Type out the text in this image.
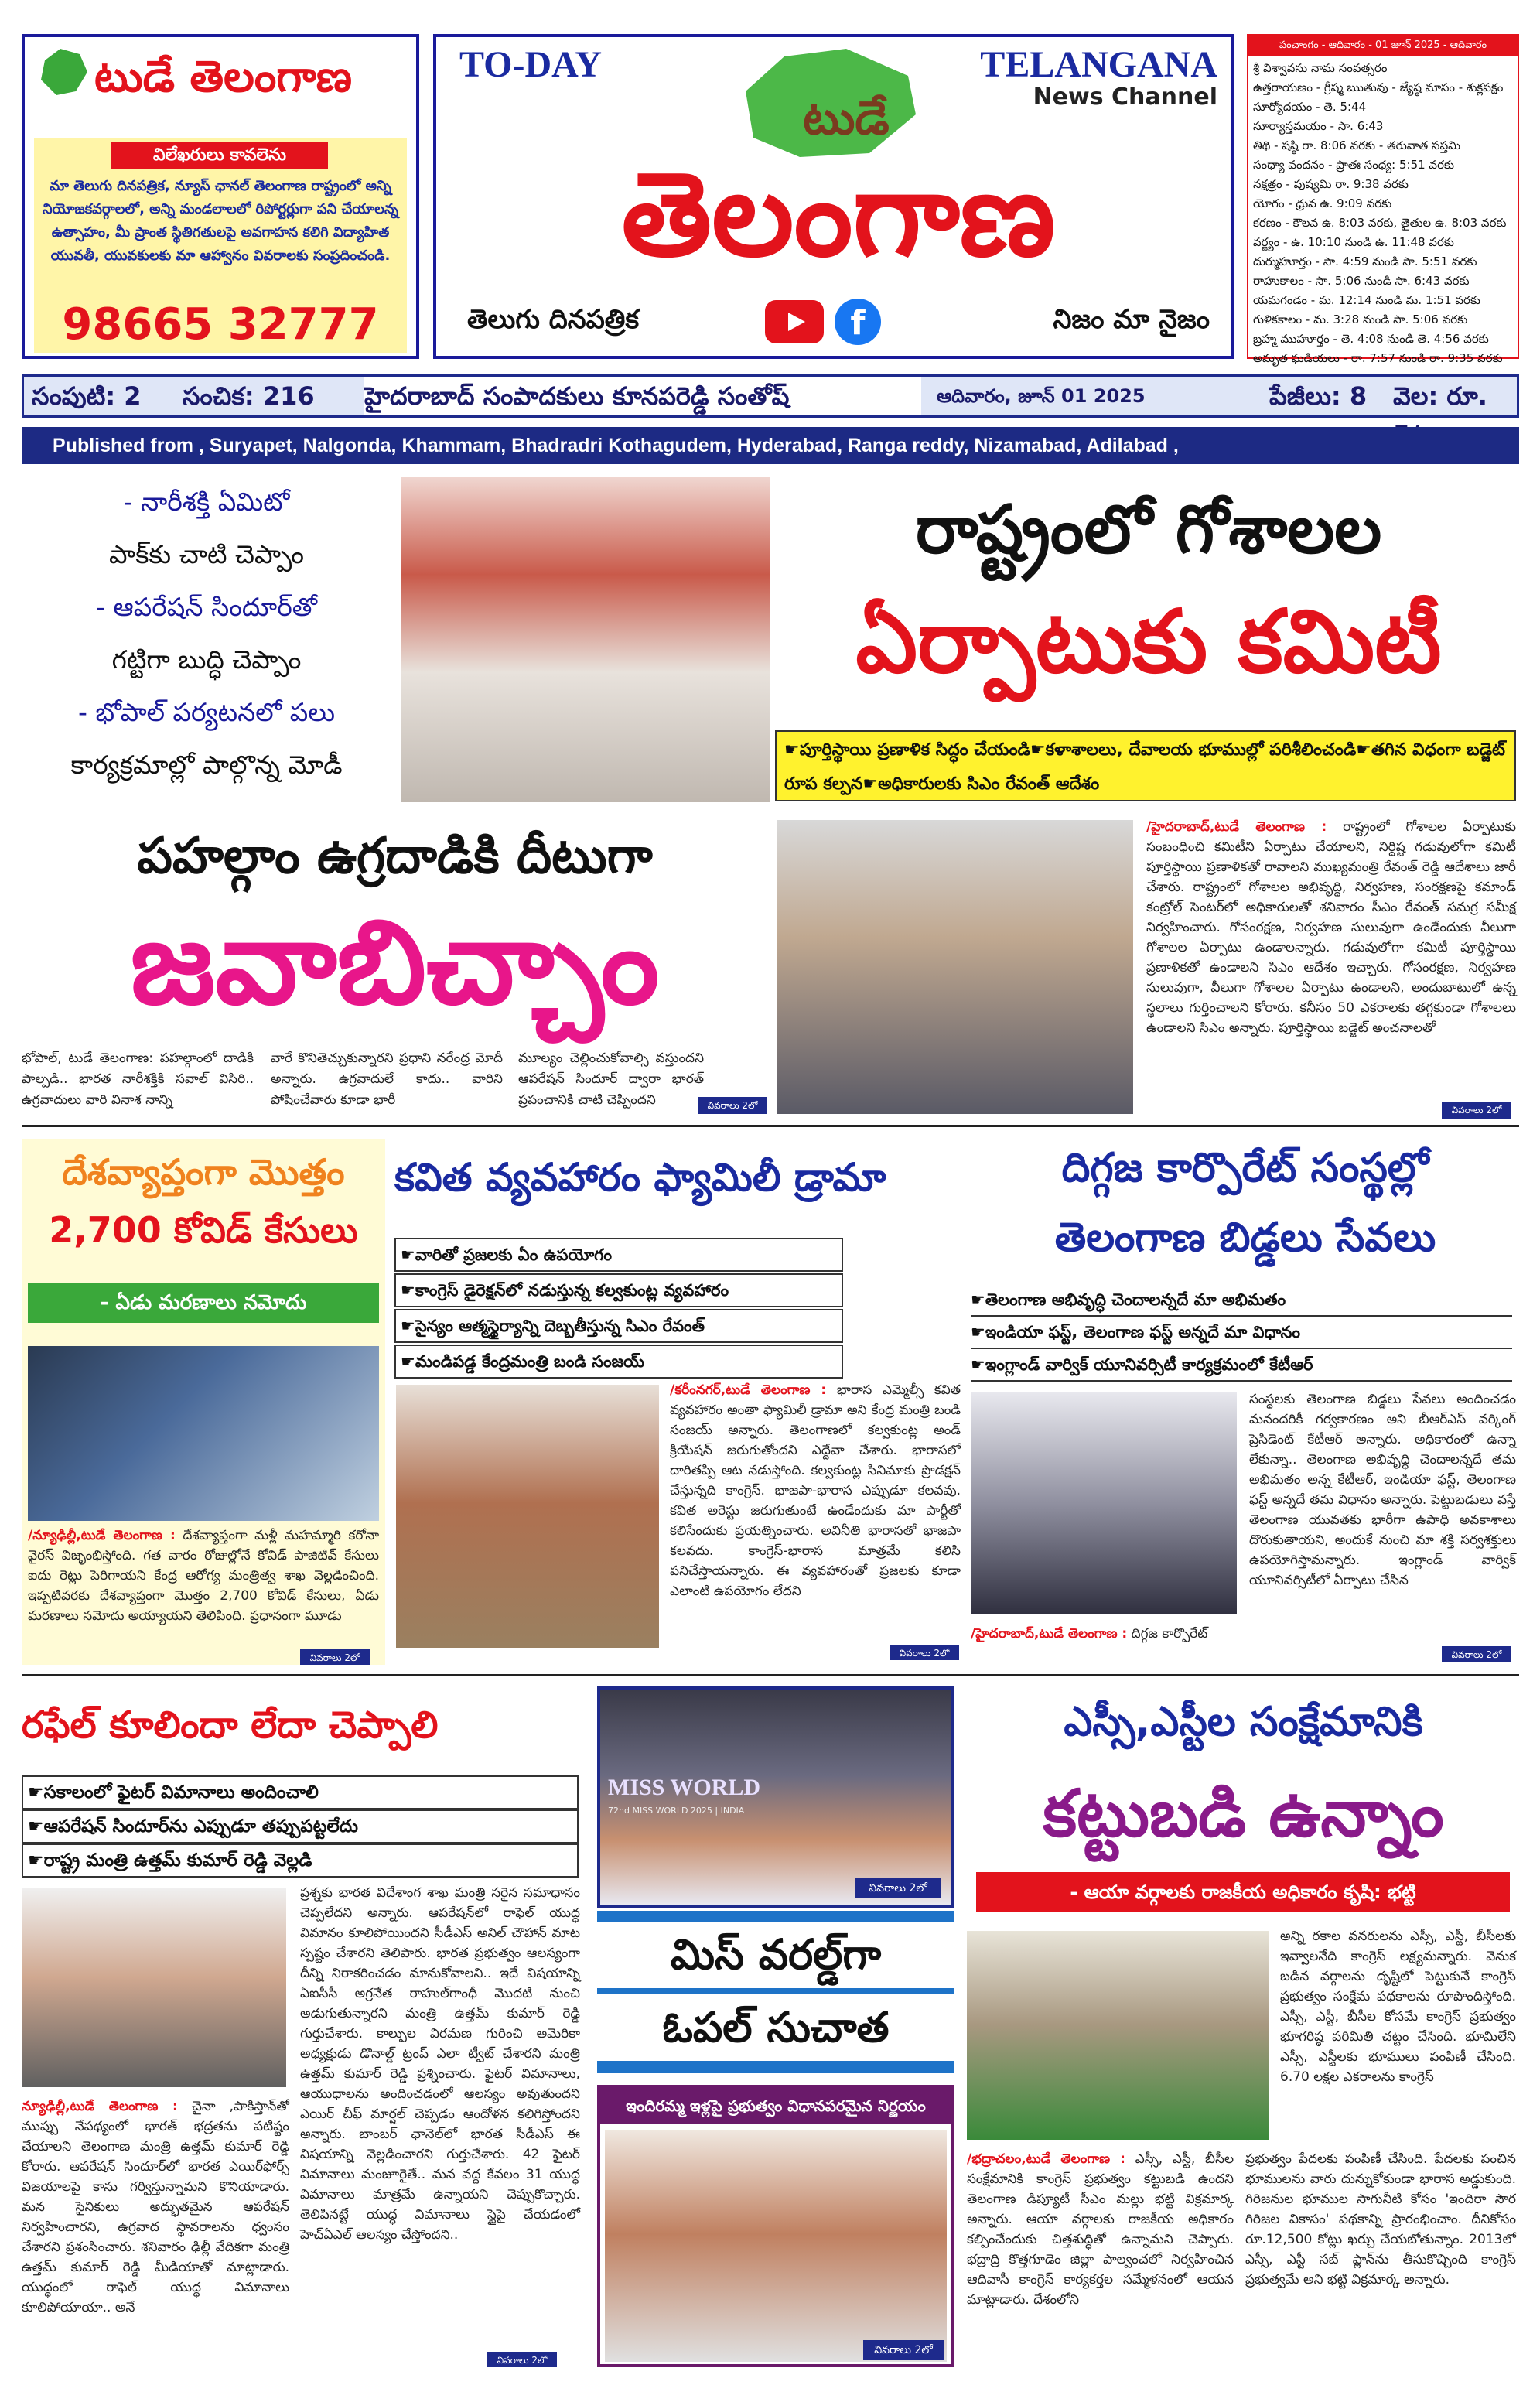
టుడే తెలంగాణ
విలేఖరులు కావలెను
మా తెలుగు దినపత్రిక, న్యూస్ ఛానల్ తెలంగాణ రాష్ట్రంలో అన్ని నియోజకవర్గాలలో, అన్ని మండలాలలో రిపోర్టర్లుగా పని చేయాలన్న ఉత్సాహం, మీ ప్రాంత స్థితిగతులపై అవగాహన కలిగి విద్యాహిత యువతీ, యువకులకు మా ఆహ్వానం వివరాలకు సంప్రదించండి.
98665 32777
TO-DAY	TELANGANA
News Channel
టుడే
తెలంగాణ
తెలుగు దినపత్రిక	f	నిజం మా నైజం
పంచాంగం - ఆదివారం - 01 జూన్ 2025 - ఆదివారం
శ్రీ విశ్వావసు నామ సంవత్సరం
ఉత్తరాయణం - గ్రీష్మ ఋతువు - జ్యేష్ఠ మాసం - శుక్లపక్షం
సూర్యోదయం - తె. 5:44
సూర్యాస్తమయం - సా. 6:43
తిథి - షష్ఠి రా. 8:06 వరకు - తరువాత సప్తమి
సంధ్యా వందనం - ప్రాతః సంధ్య: 5:51 వరకు
నక్షత్రం - పుష్యమి రా. 9:38 వరకు
యోగం - ధ్రువ ఉ. 9:09 వరకు
కరణం - కౌలవ ఉ. 8:03 వరకు, తైతుల ఉ. 8:03 వరకు
వర్జ్యం - ఉ. 10:10 నుండి ఉ. 11:48 వరకు
దుర్ముహూర్తం - సా. 4:59 నుండి సా. 5:51 వరకు
రాహుకాలం - సా. 5:06 నుండి సా. 6:43 వరకు
యమగండం - మ. 12:14 నుండి మ. 1:51 వరకు
గుళికకాలం - మ. 3:28 నుండి సా. 5:06 వరకు
బ్రహ్మ ముహూర్తం - తె. 4:08 నుండి తె. 4:56 వరకు
అమృత ఘడియలు - రా. 7:57 నుండి రా. 9:35 వరకు
సంపుటి: 2	సంచిక: 216	హైదరాబాద్ సంపాదకులు కూనపరెడ్డి సంతోష్	ఆదివారం, జూన్ 01 2025	పేజీలు: 8	వెల: రూ.
Published from , Suryapet, Nalgonda, Khammam, Bhadradri Kothagudem, Hyderabad, Ranga reddy, Nizamabad, Adilabad ,
- నారీశక్తి ఏమిటో
పాక్‌కు చాటి చెప్పాం
- ఆపరేషన్ సిందూర్‌తో
గట్టిగా బుద్ధి చెప్పాం
- భోపాల్ పర్యటనలో పలు
కార్యక్రమాల్లో పాల్గొన్న మోడీ
రాష్ట్రంలో గోశాలల
ఏర్పాటుకు కమిటీ
☛పూర్తిస్థాయి ప్రణాళిక సిద్ధం చేయండి☛కళాశాలలు, దేవాలయ భూముల్లో పరిశీలించండి☛తగిన విధంగా బడ్జెట్ రూప కల్పన☛అధికారులకు సిఎం రేవంత్ ఆదేశం
పహల్గాం ఉగ్రదాడికి దీటుగా
జవాబిచ్చాం
భోపాల్, టుడే తెలంగాణ: పహల్గాంలో దాడికి పాల్పడి.. భారత నారీశక్తికి సవాల్ విసిరి.. ఉగ్రవాదులు వారి వినాశ నాన్ని
వారే కొనితెచ్చుకున్నారని ప్రధాని నరేంద్ర మోదీ అన్నారు. ఉగ్రవాదులే కాదు.. వారిని పోషించేవారు కూడా భారీ
మూల్యం చెల్లించుకోవాల్సి వస్తుందని ఆపరేషన్ సిందూర్ ద్వారా భారత్ ప్రపంచానికి చాటి చెప్పిందని	వివరాలు 2లో
/హైదరాబాద్,టుడే తెలంగాణ : రాష్ట్రంలో గోశాలల ఏర్పాటుకు సంబంధించి కమిటీని ఏర్పాటు చేయాలని, నిర్దిష్ట గడువులోగా కమిటీ పూర్తిస్థాయి ప్రణాళికతో రావాలని ముఖ్యమంత్రి రేవంత్ రెడ్డి ఆదేశాలు జారీ చేశారు. రాష్ట్రంలో గోశాలల అభివృద్ధి, నిర్వహణ, సంరక్షణపై కమాండ్ కంట్రోల్ సెంటర్‌లో అధికారులతో శనివారం సీఎం రేవంత్ సమగ్ర సమీక్ష నిర్వహించారు. గోసంరక్షణ, నిర్వహణ సులువుగా ఉండేందుకు వీలుగా గోశాలల ఏర్పాటు ఉండాలన్నారు. గడువులోగా కమిటీ పూర్తిస్థాయి ప్రణాళికతో ఉండాలని సిఎం ఆదేశం ఇచ్చారు. గోసంరక్షణ, నిర్వహణ సులువుగా, వీలుగా గోశాలల ఏర్పాటు ఉండాలని, అందుబాటులో ఉన్న స్థలాలు గుర్తించాలని కోరారు. కనీసం 50 ఎకరాలకు తగ్గకుండా గోశాలలు ఉండాలని సిఎం అన్నారు. పూర్తిస్థాయి బడ్జెట్ అంచనాలతో
వివరాలు 2లో
దేశవ్యాప్తంగా మొత్తం
2,700 కోవిడ్ కేసులు
- ఏడు మరణాలు నమోదు
/న్యూఢిల్లీ,టుడే తెలంగాణ : దేశవ్యాప్తంగా మళ్లీ మహమ్మారి కరోనా వైరస్ విజృంభిస్తోంది. గత వారం రోజుల్లోనే కోవిడ్ పాజిటివ్ కేసులు ఐదు రెట్లు పెరిగాయని కేంద్ర ఆరోగ్య మంత్రిత్వ శాఖ వెల్లడించింది. ఇప్పటివరకు దేశవ్యాప్తంగా మొత్తం 2,700 కోవిడ్ కేసులు, ఏడు మరణాలు నమోదు అయ్యాయని తెలిపింది. ప్రధానంగా మూడు
వివరాలు 2లో
కవిత వ్యవహారం ఫ్యామిలీ డ్రామా
☛వారితో ప్రజలకు ఏం ఉపయోగం
☛కాంగ్రెస్ డైరెక్షన్‌లో నడుస్తున్న కల్వకుంట్ల వ్యవహారం
☛సైన్యం ఆత్మస్థైర్యాన్ని దెబ్బతీస్తున్న సిఎం రేవంత్
☛మండిపడ్డ కేంద్రమంత్రి బండి సంజయ్
/కరీంనగర్,టుడే తెలంగాణ : భారాస ఎమ్మెల్సీ కవిత వ్యవహారం అంతా ఫ్యామిలీ డ్రామా అని కేంద్ర మంత్రి బండి సంజయ్ అన్నారు. తెలంగాణలో కల్వకుంట్ల అండ్ క్రియేషన్ జరుగుతోందని ఎద్దేవా చేశారు. భారాసలో దారితప్పి ఆట నడుస్తోంది. కల్వకుంట్ల సినిమాకు ప్రొడక్షన్ చేస్తున్నది కాంగ్రెస్. భాజపా-భారాస ఎప్పుడూ కలవవు. కవిత అరెస్టు జరుగుతుంటే ఉండేందుకు మా పార్టీతో కలిసేందుకు ప్రయత్నించారు. అవినీతి భారాసతో భాజపా కలవదు. కాంగ్రెస్-భారాస మాత్రమే కలిసి పనిచేస్తాయన్నారు. ఈ వ్యవహారంతో ప్రజలకు కూడా ఎలాంటి ఉపయోగం లేదని
వివరాలు 2లో
దిగ్గజ కార్పొరేట్ సంస్థల్లో
తెలంగాణ బిడ్డలు సేవలు
☛తెలంగాణ అభివృద్ధి చెందాలన్నదే మా అభిమతం
☛ఇండియా ఫస్ట్, తెలంగాణ ఫస్ట్ అన్నదే మా విధానం
☛ఇంగ్లాండ్ వార్విక్ యూనివర్సిటీ కార్యక్రమంలో కేటీఆర్
సంస్థలకు తెలంగాణ బిడ్డలు సేవలు అందించడం మనందరికీ గర్వకారణం అని బీఆర్ఎస్ వర్కింగ్ ప్రెసిడెంట్ కేటీఆర్ అన్నారు. అధికారంలో ఉన్నా లేకున్నా.. తెలంగాణ అభివృద్ధి చెందాలన్నదే తమ అభిమతం అన్న కేటీఆర్, ఇండియా ఫస్ట్, తెలంగాణ ఫస్ట్ అన్నదే తమ విధానం అన్నారు. పెట్టుబడులు వస్తే తెలంగాణ యువతకు భారీగా ఉపాధి అవకాశాలు దొరుకుతాయని, అందుకే నుంచి మా శక్తి సర్వశక్తులు ఉపయోగిస్తామన్నారు. ఇంగ్లాండ్ వార్విక్ యూనివర్సిటీలో ఏర్పాటు చేసిన
/హైదరాబాద్,టుడే తెలంగాణ : దిగ్గజ కార్పొరేట్
వివరాలు 2లో
రఫేల్ కూలిందా లేదా చెప్పాలి
☛సకాలంలో ఫైటర్ విమానాలు అందించాలి
☛ఆపరేషన్ సిందూర్‌ను ఎప్పుడూ తప్పుపట్టలేదు
☛రాష్ట్ర మంత్రి ఉత్తమ్ కుమార్ రెడ్డి వెల్లడి
ప్రశ్నకు భారత విదేశాంగ శాఖ మంత్రి సరైన సమాధానం చెప్పలేదని అన్నారు. ఆపరేషన్‌లో రాఫెల్ యుద్ధ విమానం కూలిపోయిందని సీడీఎస్ అనిల్ చౌహాన్ మాట స్పష్టం చేశారని తెలిపారు. భారత ప్రభుత్వం ఆలస్యంగా దీన్ని నిరాకరించడం మానుకోవాలని.. ఇదే విషయాన్ని ఏఐసీసీ అగ్రనేత రాహుల్‌గాంధీ మొదటి నుంచి అడుగుతున్నారని మంత్రి ఉత్తమ్ కుమార్ రెడ్డి గుర్తుచేశారు. కాల్పుల విరమణ గురించి అమెరికా అధ్యక్షుడు డొనాల్డ్ ట్రంప్ ఎలా ట్వీట్ చేశారని మంత్రి ఉత్తమ్ కుమార్ రెడ్డి ప్రశ్నించారు. ఫైటర్ విమానాలు, ఆయుధాలను అందించడంలో ఆలస్యం అవుతుందని ఎయిర్ చీఫ్ మార్షల్ చెప్పడం ఆందోళన కలిగిస్తోందని అన్నారు. బాంబర్ ఛానెల్‌లో భారత సీడీఎస్ ఈ విషయాన్ని వెల్లడించారని గుర్తుచేశారు. 42 ఫైటర్ విమానాలు మంజూరైతే.. మన వద్ద కేవలం 31 యుద్ధ విమానాలు మాత్రమే ఉన్నాయని చెప్పుకొచ్చారు. తెలిపినట్టే యుద్ధ విమానాలు స్టైపై చేయడంలో హెచ్ఏఎల్ ఆలస్యం చేస్తోందని..
న్యూఢిల్లీ,టుడే తెలంగాణ : చైనా ,పాకిస్తాన్‌తో ముప్పు నేపథ్యంలో భారత్ భద్రతను పటిష్టం చేయాలని తెలంగాణ మంత్రి ఉత్తమ్ కుమార్ రెడ్డి కోరారు. ఆపరేషన్ సిందూర్‌లో భారత ఎయిర్‌ఫోర్స్ విజయాలపై కాను గర్విస్తున్నామని కొనియాడారు. మన సైనికులు అద్భుతమైన ఆపరేషన్ నిర్వహించారని, ఉగ్రవాద స్థావరాలను ధ్వంసం చేశారని ప్రశంసించారు. శనివారం ఢిల్లీ వేదికగా మంత్రి ఉత్తమ్ కుమార్ రెడ్డి మీడియాతో మాట్లాడారు. యుద్ధంలో రాఫెల్ యుద్ధ విమానాలు కూలిపోయాయా.. అనే
వివరాలు 2లో
MISS WORLD
72nd MISS WORLD 2025 | INDIA
వివరాలు 2లో
మిస్ వరల్డ్‌గా
ఓపల్ సుచాత
ఇందిరమ్మ ఇళ్లపై ప్రభుత్వం విధానపరమైన నిర్ణయం
వివరాలు 2లో
ఎస్సీ,ఎస్టీల సంక్షేమానికి
కట్టుబడి ఉన్నాం
- ఆయా వర్గాలకు రాజకీయ అధికారం కృషి: భట్టి
అన్ని రకాల వనరులను ఎస్సీ, ఎస్టీ, బీసీలకు ఇవ్వాలనేది కాంగ్రెస్ లక్ష్యమన్నారు. వెనుక బడిన వర్గాలను దృష్టిలో పెట్టుకునే కాంగ్రెస్ ప్రభుత్వం సంక్షేమ పథకాలను రూపొందిస్తోంది. ఎస్సీ, ఎస్టీ, బీసీల కోసమే కాంగ్రెస్ ప్రభుత్వం భూగరిష్ఠ పరిమితి చట్టం చేసింది. భూమిలేని ఎస్సీ, ఎస్టీలకు భూములు పంపిణీ చేసింది. 6.70 లక్షల ఎకరాలను కాంగ్రెస్
/భద్రాచలం,టుడే తెలంగాణ : ఎస్సీ, ఎస్టీ, బీసీల సంక్షేమానికి కాంగ్రెస్ ప్రభుత్వం కట్టుబడి ఉందని తెలంగాణ డిప్యూటీ సీఎం మల్లు భట్టి విక్రమార్క అన్నారు. ఆయా వర్గాలకు రాజకీయ అధికారం కల్పించేందుకు చిత్తశుద్ధితో ఉన్నామని చెప్పారు. భద్రాద్రి కొత్తగూడెం జిల్లా పాల్వంచలో నిర్వహించిన ఆదివాసీ కాంగ్రెస్ కార్యకర్తల సమ్మేళనంలో ఆయన మాట్లాడారు. దేశంలోని
ప్రభుత్వం పేదలకు పంపిణీ చేసింది. పేదలకు పంచిన భూములను వారు దున్నుకోకుండా భారాస అడ్డుకుంది. గిరిజనుల భూముల సాగునీటి కోసం 'ఇందిరా సౌర గిరిజల వికాసం' పథకాన్ని ప్రారంభించాం. దీనికోసం రూ.12,500 కోట్లు ఖర్చు చేయబోతున్నాం. 2013లో ఎస్సీ, ఎస్టీ సబ్ ప్లాన్‌ను తీసుకొచ్చింది కాంగ్రెస్ ప్రభుత్వమే అని భట్టి విక్రమార్క అన్నారు.
